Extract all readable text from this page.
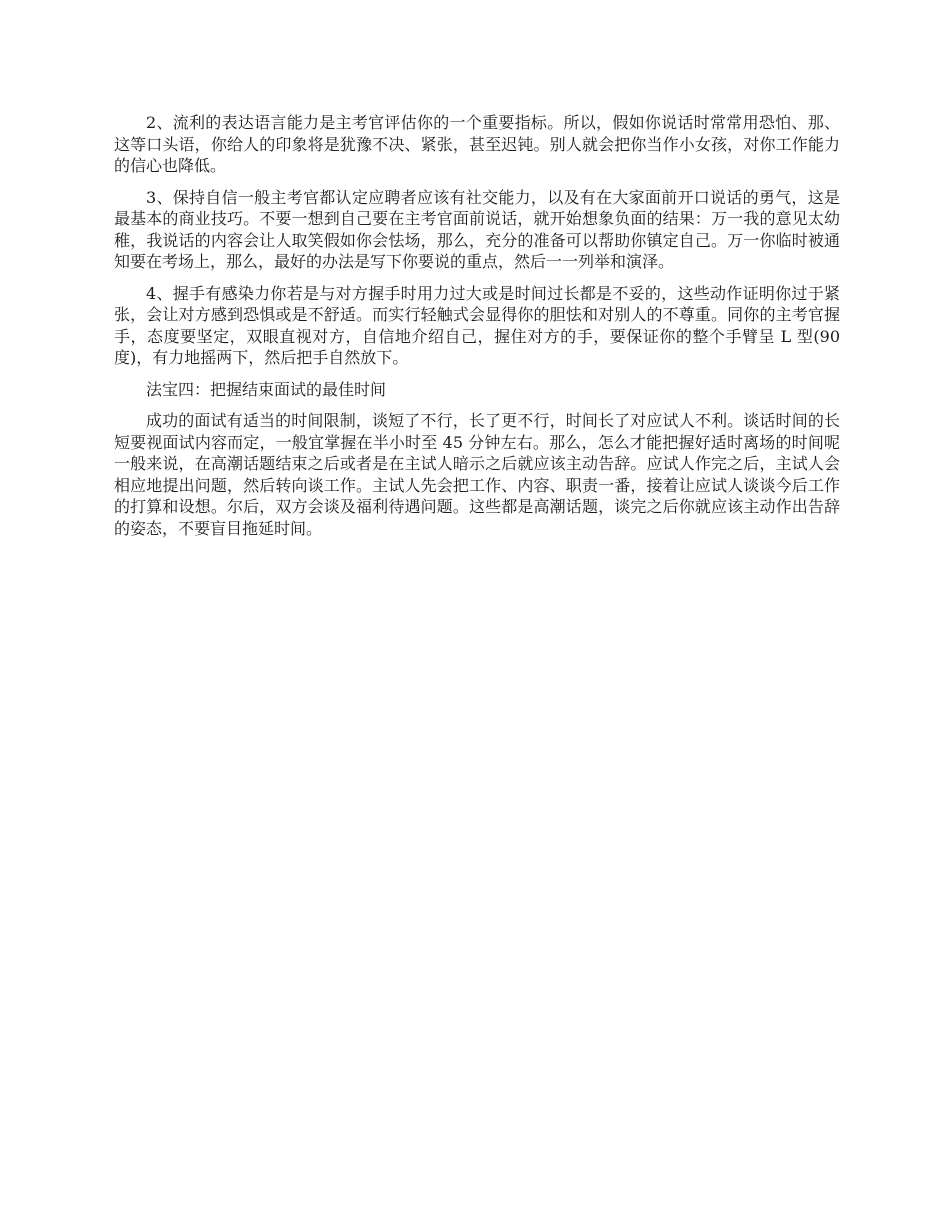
2、流利的表达语言能力是主考官评估你的一个重要指标。所以，假如你说话时常常用恐怕、那、这等口头语，你给人的印象将是犹豫不决、紧张，甚至迟钝。别人就会把你当作小女孩，对你工作能力的信心也降低。

3、保持自信一般主考官都认定应聘者应该有社交能力，以及有在大家面前开口说话的勇气，这是最基本的商业技巧。不要一想到自己要在主考官面前说话，就开始想象负面的结果：万一我的意见太幼稚，我说话的内容会让人取笑假如你会怯场，那么，充分的准备可以帮助你镇定自己。万一你临时被通知要在考场上，那么，最好的办法是写下你要说的重点，然后一一列举和演泽。

4、握手有感染力你若是与对方握手时用力过大或是时间过长都是不妥的，这些动作证明你过于紧张，会让对方感到恐惧或是不舒适。而实行轻触式会显得你的胆怯和对别人的不尊重。同你的主考官握手，态度要坚定，双眼直视对方，自信地介绍自己，握住对方的手，要保证你的整个手臂呈 L 型(90 度)，有力地摇两下，然后把手自然放下。

法宝四：把握结束面试的最佳时间

成功的面试有适当的时间限制，谈短了不行，长了更不行，时间长了对应试人不利。谈话时间的长短要视面试内容而定，一般宜掌握在半小时至 45 分钟左右。那么，怎么才能把握好适时离场的时间呢一般来说，在高潮话题结束之后或者是在主试人暗示之后就应该主动告辞。应试人作完之后，主试人会相应地提出问题，然后转向谈工作。主试人先会把工作、内容、职责一番，接着让应试人谈谈今后工作的打算和设想。尔后，双方会谈及福利待遇问题。这些都是高潮话题，谈完之后你就应该主动作出告辞的姿态，不要盲目拖延时间。
